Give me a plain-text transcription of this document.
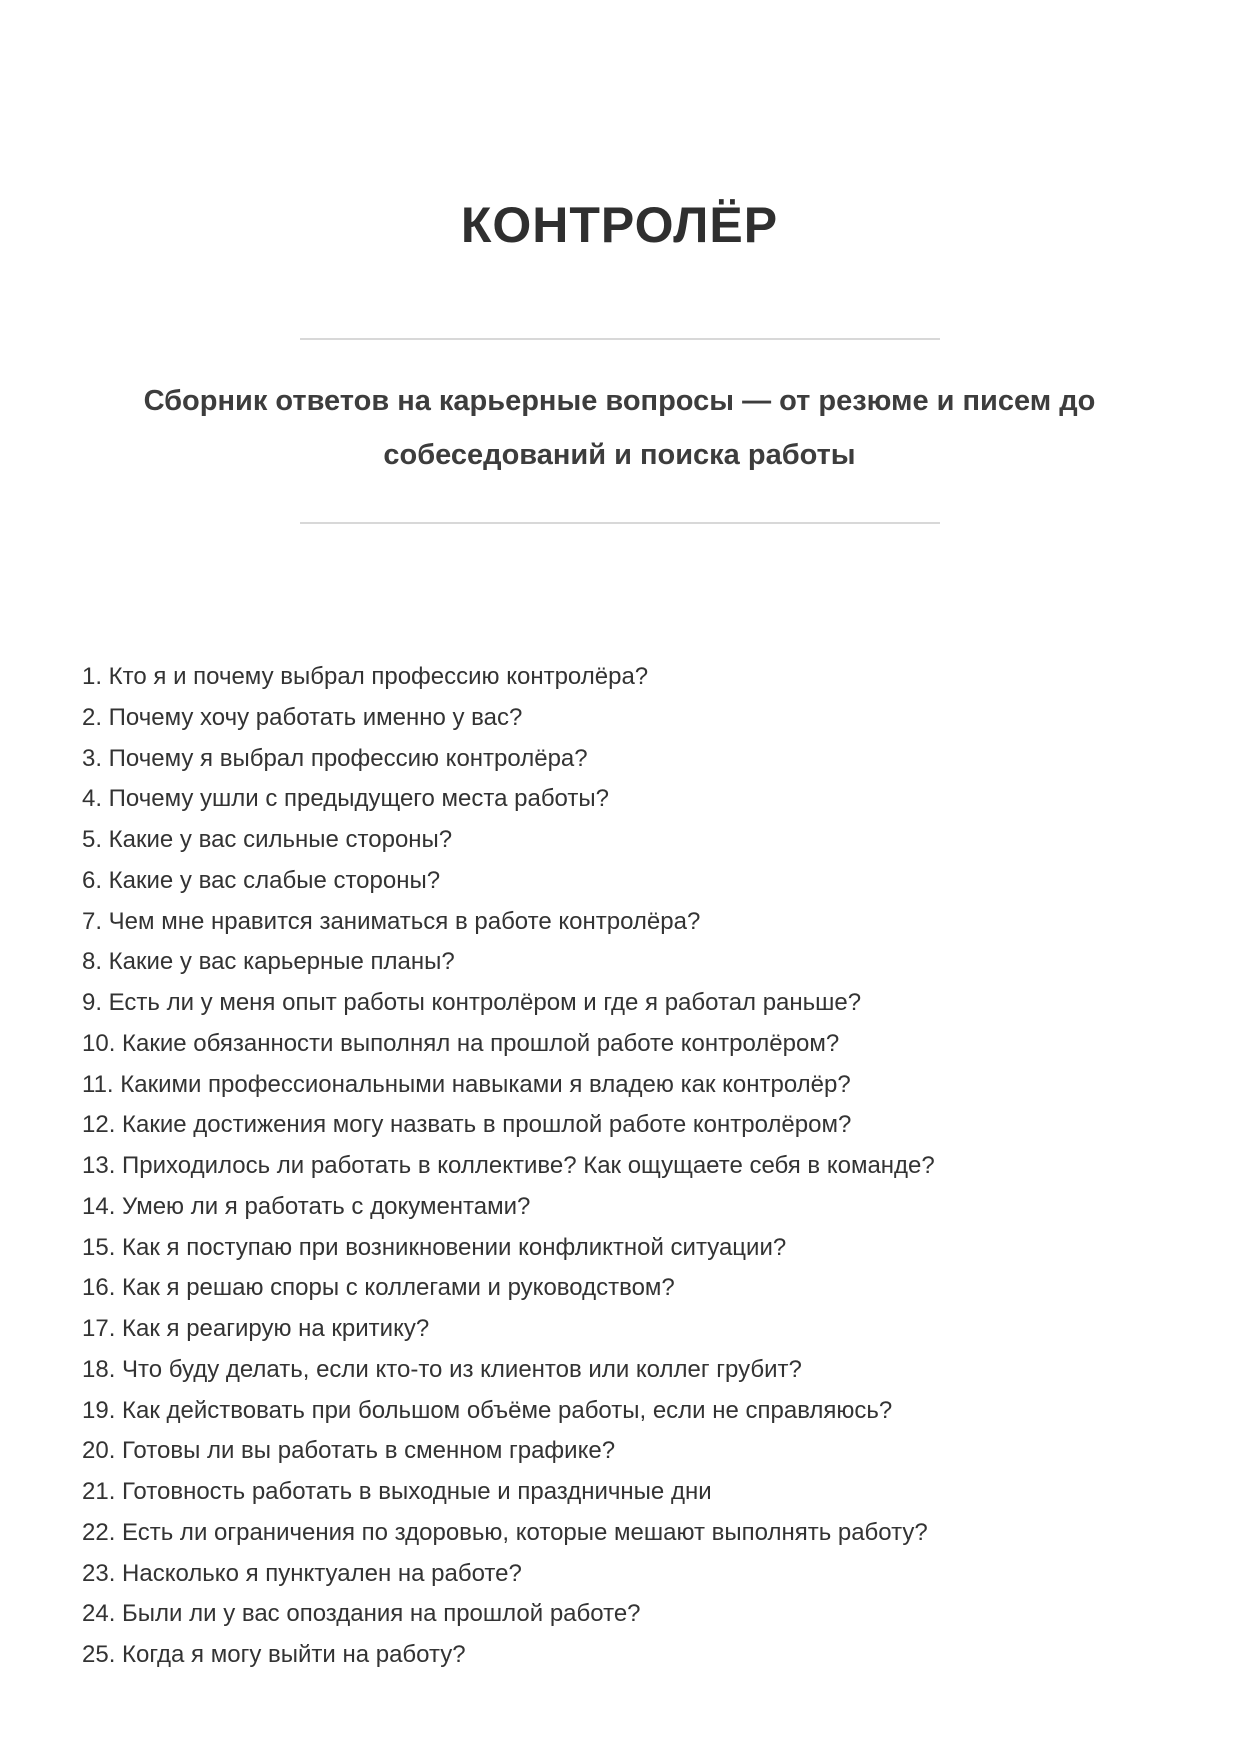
КОНТРОЛЁР
Сборник ответов на карьерные вопросы — от резюме и писем до
собеседований и поиска работы
1. Кто я и почему выбрал профессию контролёра?
2. Почему хочу работать именно у вас?
3. Почему я выбрал профессию контролёра?
4. Почему ушли с предыдущего места работы?
5. Какие у вас сильные стороны?
6. Какие у вас слабые стороны?
7. Чем мне нравится заниматься в работе контролёра?
8. Какие у вас карьерные планы?
9. Есть ли у меня опыт работы контролёром и где я работал раньше?
10. Какие обязанности выполнял на прошлой работе контролёром?
11. Какими профессиональными навыками я владею как контролёр?
12. Какие достижения могу назвать в прошлой работе контролёром?
13. Приходилось ли работать в коллективе? Как ощущаете себя в команде?
14. Умею ли я работать с документами?
15. Как я поступаю при возникновении конфликтной ситуации?
16. Как я решаю споры с коллегами и руководством?
17. Как я реагирую на критику?
18. Что буду делать, если кто-то из клиентов или коллег грубит?
19. Как действовать при большом объёме работы, если не справляюсь?
20. Готовы ли вы работать в сменном графике?
21. Готовность работать в выходные и праздничные дни
22. Есть ли ограничения по здоровью, которые мешают выполнять работу?
23. Насколько я пунктуален на работе?
24. Были ли у вас опоздания на прошлой работе?
25. Когда я могу выйти на работу?
